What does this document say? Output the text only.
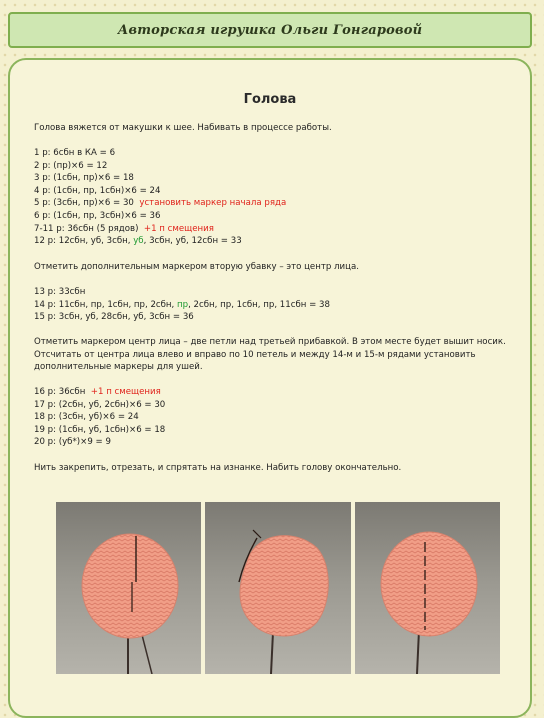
Авторская игрушка Ольги Гонгаровой
Голова
Голова вяжется от макушки к шее. Набивать в процессе работы.
1 р: 6сбн в КА = 6
2 р: (пр)×6 = 12
3 р: (1сбн, пр)×6 = 18
4 р: (1сбн, пр, 1сбн)×6 = 24
5 р: (3сбн, пр)×6 = 30 установить маркер начала ряда
6 р: (1сбн, пр, 3сбн)×6 = 36
7-11 р: 36сбн (5 рядов) +1 п смещения
12 р: 12сбн, уб, 3сбн, уб, 3сбн, уб, 12сбн = 33
Отметить дополнительным маркером вторую убавку – это центр лица.
13 р: 33сбн
14 р: 11сбн, пр, 1сбн, пр, 2сбн, пр, 2сбн, пр, 1сбн, пр, 11сбн = 38
15 р: 3сбн, уб, 28сбн, уб, 3сбн = 36
Отметить маркером центр лица – две петли над третьей прибавкой. В этом месте будет вышит носик.
Отсчитать от центра лица влево и вправо по 10 петель и между 14-м и 15-м рядами установить
дополнительные маркеры для ушей.
16 р: 36сбн +1 п смещения
17 р: (2сбн, уб, 2сбн)×6 = 30
18 р: (3сбн, уб)×6 = 24
19 р: (1сбн, уб, 1сбн)×6 = 18
20 р: (уб*)×9 = 9
Нить закрепить, отрезать, и спрятать на изнанке. Набить голову окончательно.
